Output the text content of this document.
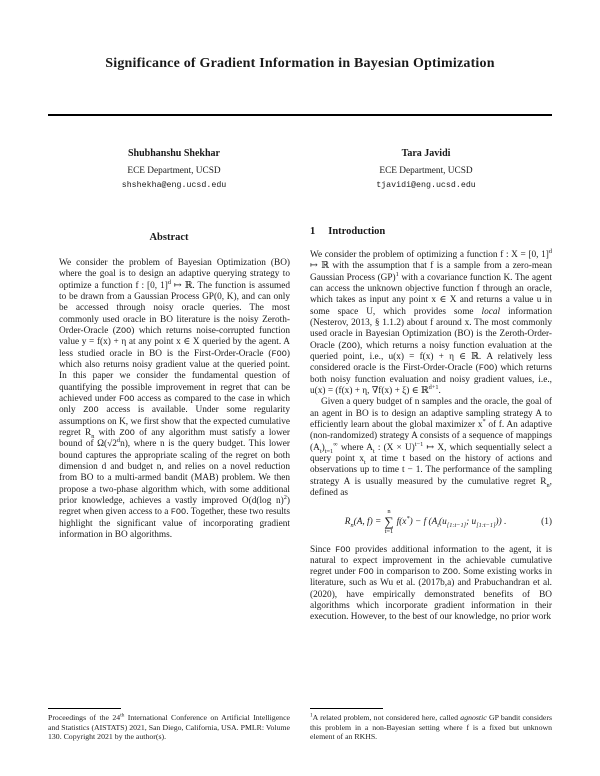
Significance of Gradient Information in Bayesian Optimization
Shubhanshu Shekhar
ECE Department, UCSD
shshekha@eng.ucsd.edu
Tara Javidi
ECE Department, UCSD
tjavidi@eng.ucsd.edu
Abstract

We consider the problem of Bayesian Optimization (BO) where the goal is to design an adaptive querying strategy to optimize a function f : [0, 1]$^d$ ↦ ℝ. The function is assumed to be drawn from a Gaussian Process GP(0, K), and can only be accessed through noisy oracle queries. The most commonly used oracle in BO literature is the noisy Zeroth-Order-Oracle (ZOO) which returns noise-corrupted function value y = f(x) + η at any point x ∈ X queried by the agent. A less studied oracle in BO is the First-Order-Oracle (FOO) which also returns noisy gradient value at the queried point. In this paper we consider the fundamental question of quantifying the possible improvement in regret that can be achieved under FOO access as compared to the case in which only ZOO access is available. Under some regularity assumptions on K, we first show that the expected cumulative regret $R_n$ with ZOO of any algorithm must satisfy a lower bound of Ω(√2$^d$n), where n is the query budget. This lower bound captures the appropriate scaling of the regret on both dimension d and budget n, and relies on a novel reduction from BO to a multi-armed bandit (MAB) problem. We then propose a two-phase algorithm which, with some additional prior knowledge, achieves a vastly improved O(d(log n)$^2$) regret when given access to a FOO. Together, these two results highlight the significant value of incorporating gradient information in BO algorithms.

Proceedings of the 24th International Conference on Artificial Intelligence and Statistics (AISTATS) 2021, San Diego, California, USA. PMLR: Volume 130. Copyright 2021 by the author(s).

1 Introduction

We consider the problem of optimizing a function f : X = [0, 1]$^d$ ↦ ℝ with the assumption that f is a sample from a zero-mean Gaussian Process (GP)$^1$ with a covariance function K. The agent can access the unknown objective function f through an oracle, which takes as input any point x ∈ X and returns a value u in some space U, which provides some local information (Nesterov, 2013, § 1.1.2) about f around x. The most commonly used oracle in Bayesian Optimization (BO) is the Zeroth-Order-Oracle (ZOO), which returns a noisy function evaluation at the queried point, i.e., u(x) = f(x) + η ∈ ℝ. A relatively less considered oracle is the First-Order-Oracle (FOO) which returns both noisy function evaluation and noisy gradient values, i.e., u(x) = (f(x) + η, ∇f(x) + ξ) ∈ ℝ$^{d+1}$.

Given a query budget of n samples and the oracle, the goal of an agent in BO is to design an adaptive sampling strategy A to efficiently learn about the global maximizer x* of f. An adaptive (non-randomized) strategy A consists of a sequence of mappings $(A_t)_{t=1}^\infty$ where $A_t$ : $(X \times U)^{t-1}$ ↦ X, which sequentially select a query point $x_t$ at time t based on the history of actions and observations up to time t − 1. The performance of the sampling strategy A is usually measured by the cumulative regret $R_n$, defined as

$R_n(A$, f) =
n
∑
t=1
f(x*) − f ($A_t(u_{[1:t-1]}$; $u_{[1:t-1]}$)) .	(1)

Since FOO provides additional information to the agent, it is natural to expect improvement in the achievable cumulative regret under FOO in comparison to ZOO. Some existing works in literature, such as Wu et al. (2017b,a) and Prabuchandran et al. (2020), have empirically demonstrated benefits of BO algorithms which incorporate gradient information in their execution. However, to the best of our knowledge, no prior work

$^1$A related problem, not considered here, called agnostic GP bandit considers this problem in a non-Bayesian setting where f is a fixed but unknown element of an RKHS.
